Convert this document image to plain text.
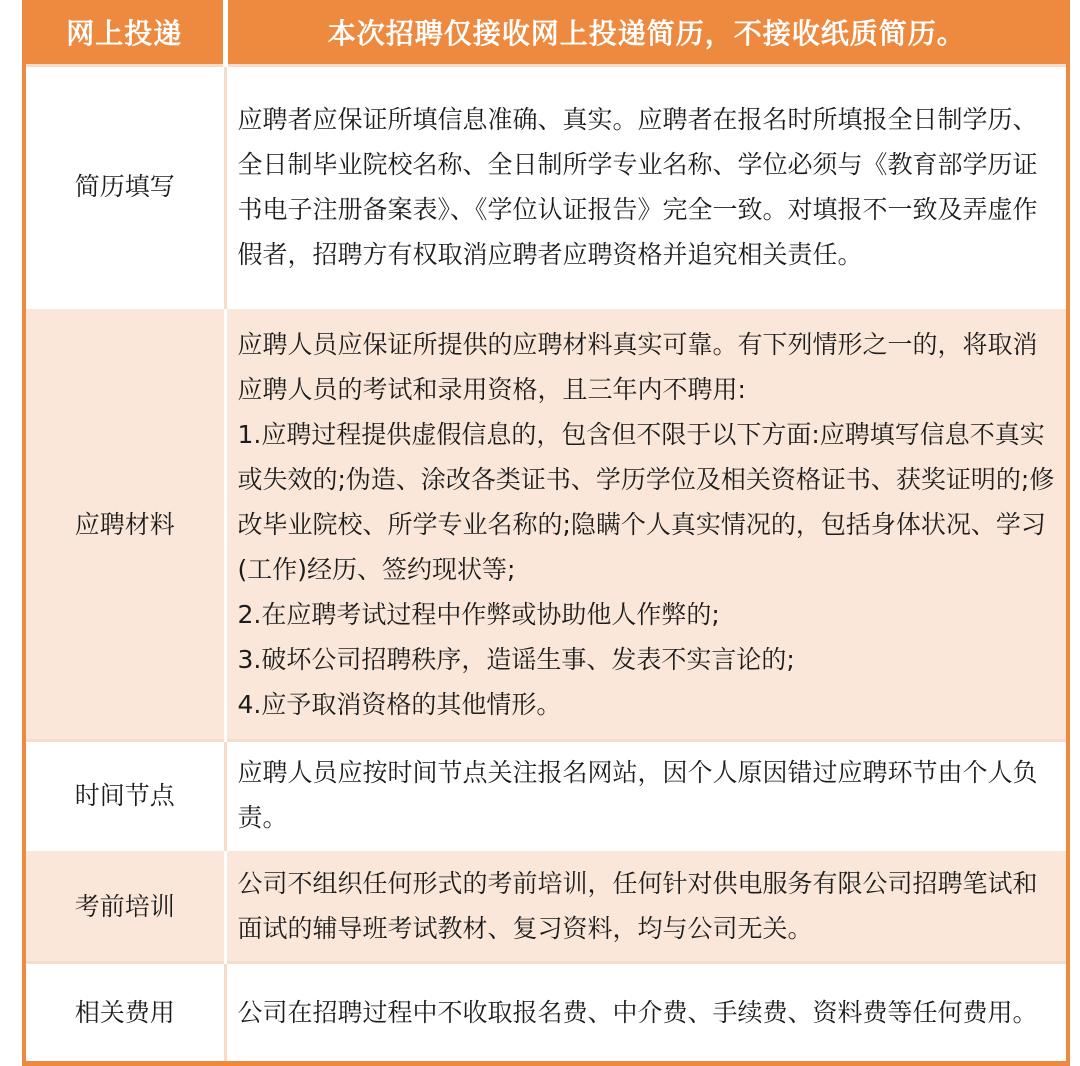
网上投递	本次招聘仅接收网上投递简历，不接收纸质简历。
简历填写	应聘者应保证所填信息准确、真实。应聘者在报名时所填报全日制学历、全日制毕业院校名称、全日制所学专业名称、学位必须与《教育部学历证书电子注册备案表》、《学位认证报告》完全一致。对填报不一致及弄虚作假者，招聘方有权取消应聘者应聘资格并追究相关责任。

应聘材料	应聘人员应保证所提供的应聘材料真实可靠。有下列情形之一的，将取消应聘人员的考试和录用资格，且三年内不聘用:

1.应聘过程提供虚假信息的，包含但不限于以下方面:应聘填写信息不真实或失效的;伪造、涂改各类证书、学历学位及相关资格证书、获奖证明的;修改毕业院校、所学专业名称的;隐瞒个人真实情况的，包括身体状况、学习(工作)经历、签约现状等;

2.在应聘考试过程中作弊或协助他人作弊的;

3.破坏公司招聘秩序，造谣生事、发表不实言论的;

4.应予取消资格的其他情形。

时间节点	应聘人员应按时间节点关注报名网站，因个人原因错过应聘环节由个人负责。

考前培训	公司不组织任何形式的考前培训，任何针对供电服务有限公司招聘笔试和面试的辅导班考试教材、复习资料，均与公司无关。

相关费用	公司在招聘过程中不收取报名费、中介费、手续费、资料费等任何费用。
